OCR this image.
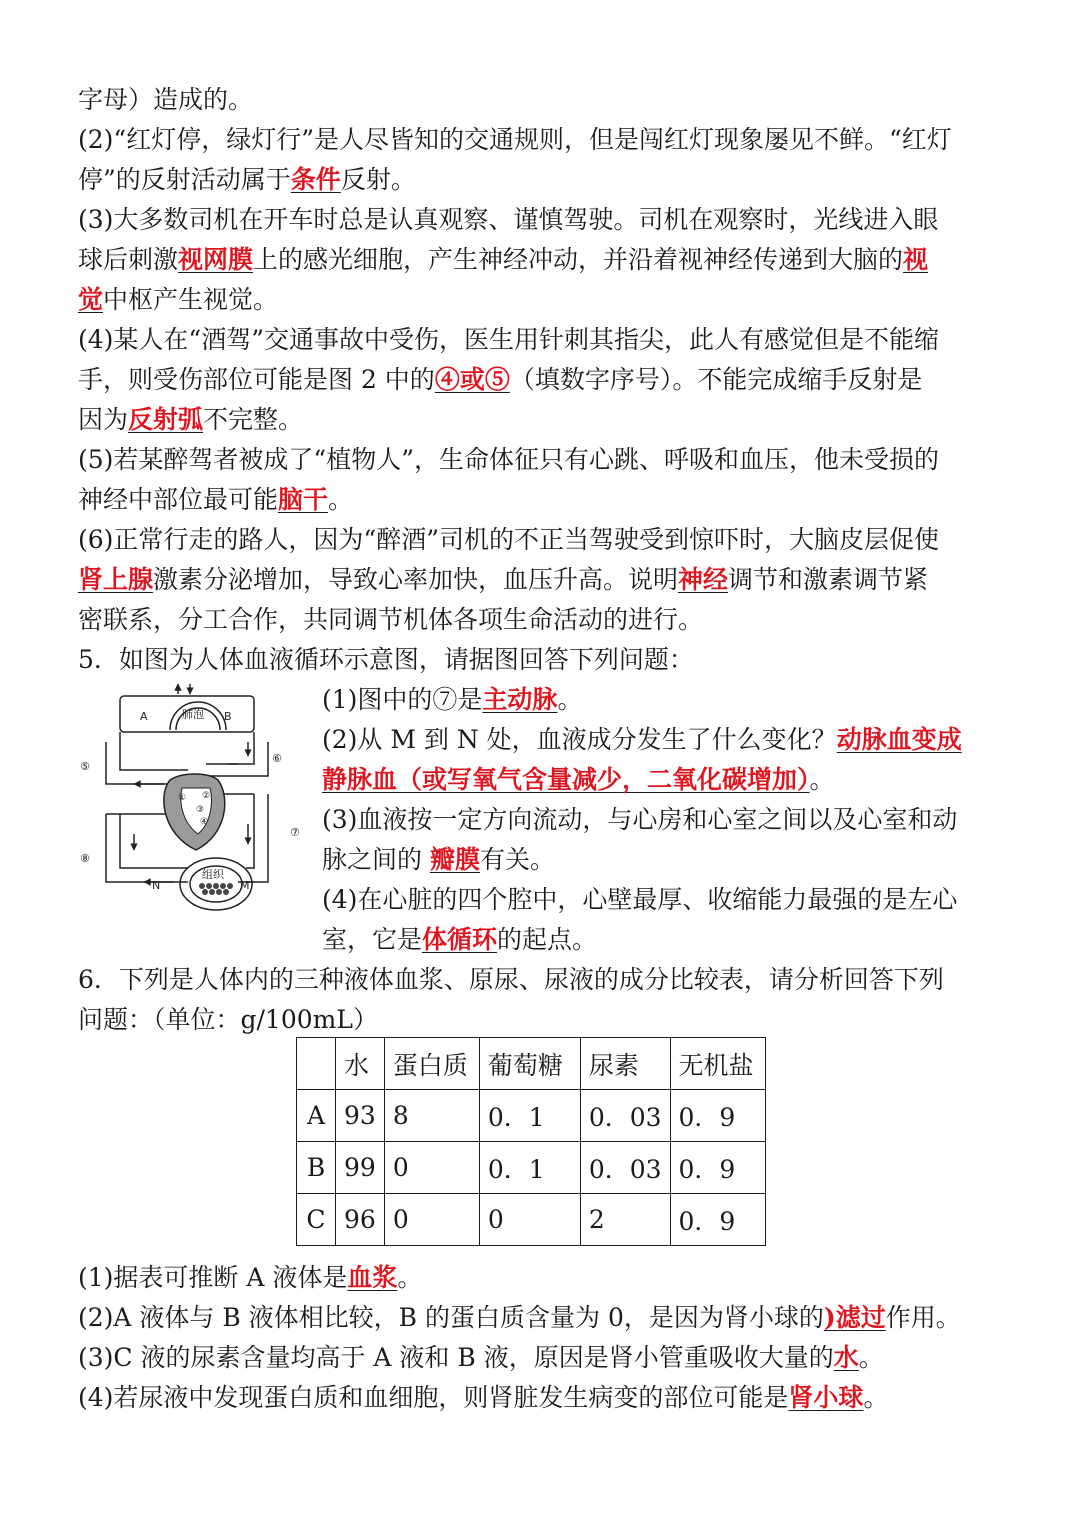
字母）造成的。
(2)“红灯停，绿灯行”是人尽皆知的交通规则，但是闯红灯现象屡见不鲜。“红灯
停”的反射活动属于条件反射。
(3)大多数司机在开车时总是认真观察、谨慎驾驶。司机在观察时，光线进入眼
球后刺激视网膜上的感光细胞，产生神经冲动，并沿着视神经传递到大脑的视
觉中枢产生视觉。
(4)某人在“酒驾”交通事故中受伤，医生用针刺其指尖，此人有感觉但是不能缩
手，则受伤部位可能是图 2 中的④或⑤（填数字序号）。不能完成缩手反射是
因为反射弧不完整。
(5)若某醉驾者被成了“植物人”，生命体征只有心跳、呼吸和血压，他未受损的
神经中部位最可能脑干。
(6)正常行走的路人，因为“醉酒”司机的不正当驾驶受到惊吓时，大脑皮层促使
肾上腺激素分泌增加，导致心率加快，血压升高。说明神经调节和激素调节紧
密联系，分工合作，共同调节机体各项生命活动的进行。
5．如图为人体血液循环示意图，请据图回答下列问题：
A	B
肺泡
组织
N	M
⑤
⑥
⑦
⑧
① ②
③
④
(1)图中的⑦是主动脉。
(2)从 M 到 N 处，血液成分发生了什么变化？动脉血变成
静脉血（或写氧气含量减少，二氧化碳增加）。
(3)血液按一定方向流动，与心房和心室之间以及心室和动
脉之间的 瓣膜有关。
(4)在心脏的四个腔中，心壁最厚、收缩能力最强的是左心
室，它是体循环的起点。
6．下列是人体内的三种液体血浆、原尿、尿液的成分比较表，请分析回答下列
问题：（单位：g/100mL）
	水	蛋白质	葡萄糖	尿素	无机盐
A	93	8	0．1	0．03	0．9
B	99	0	0．1	0．03	0．9
C	96	0	0	2	0．9
(1)据表可推断 A 液体是血浆。
(2)A 液体与 B 液体相比较，B 的蛋白质含量为 0，是因为肾小球的)滤过作用。
(3)C 液的尿素含量均高于 A 液和 B 液，原因是肾小管重吸收大量的水。
(4)若尿液中发现蛋白质和血细胞，则肾脏发生病变的部位可能是肾小球。
